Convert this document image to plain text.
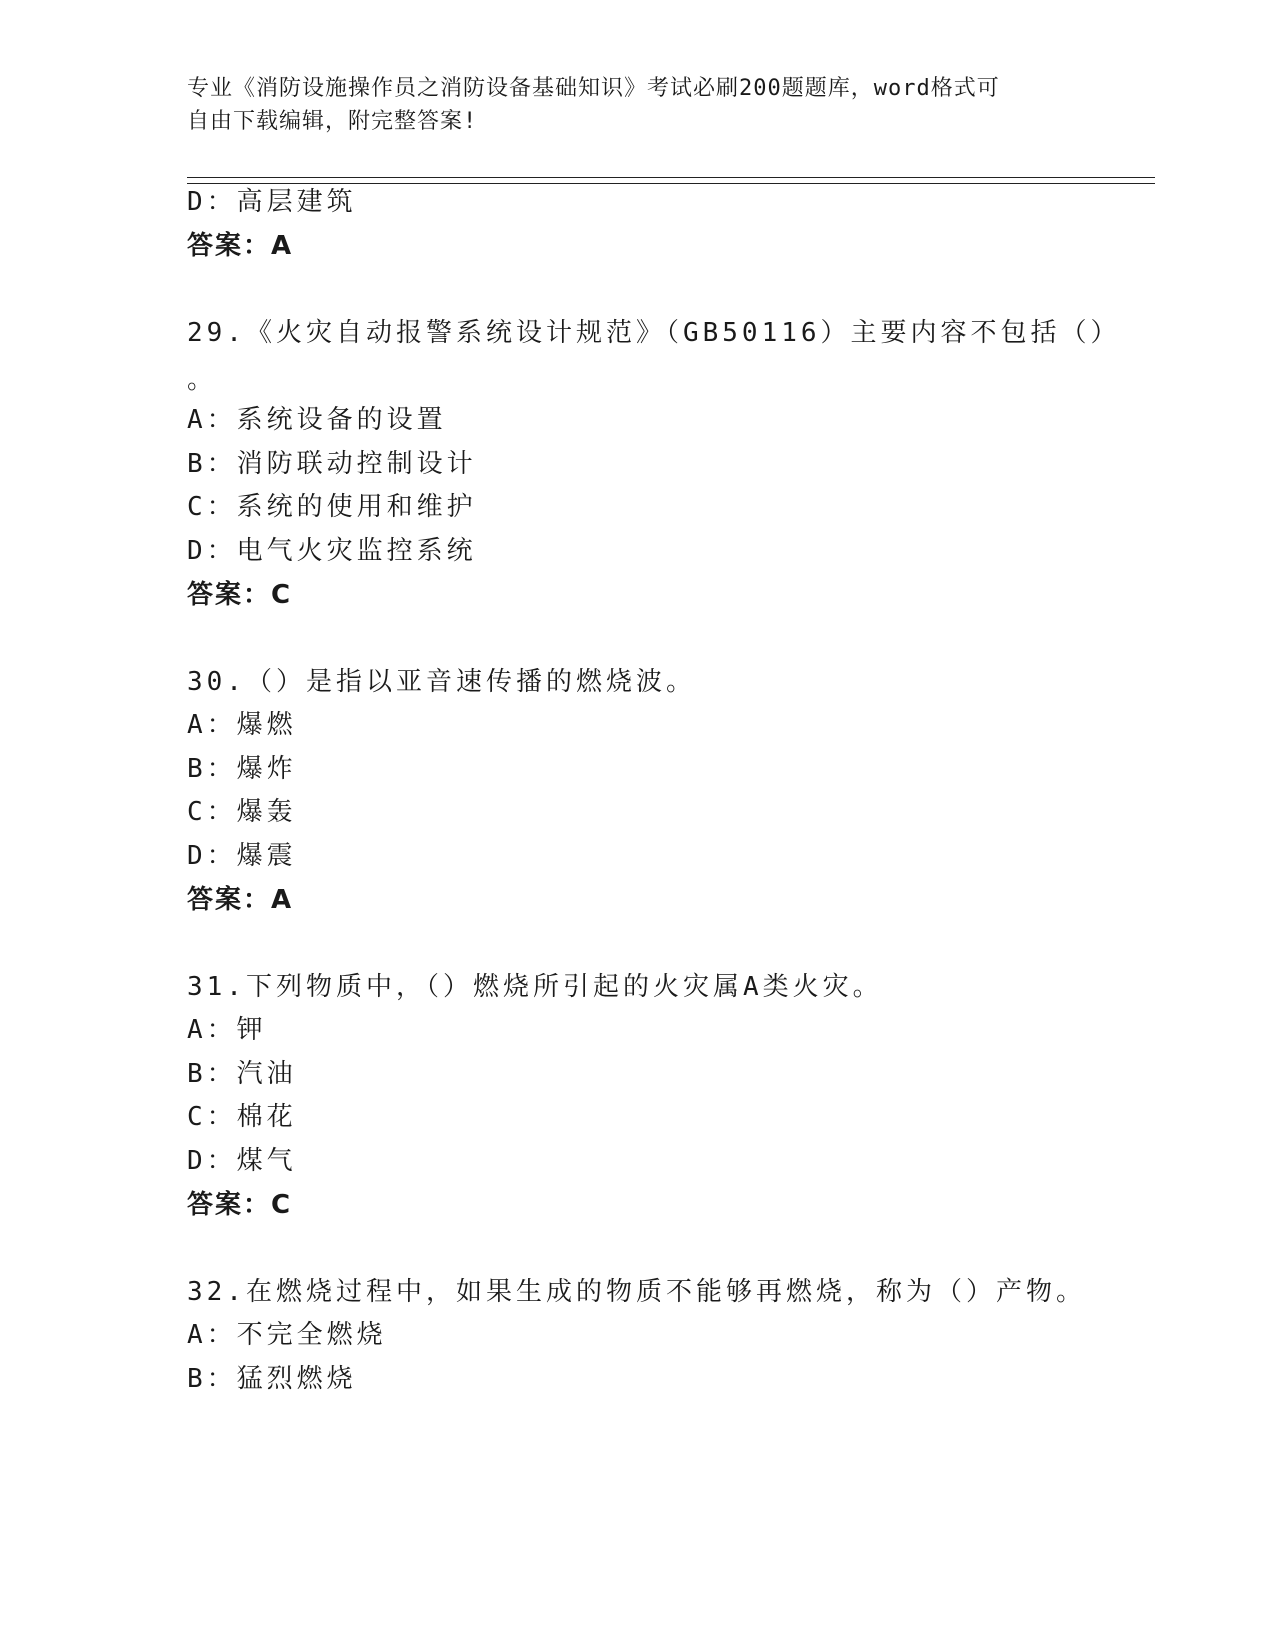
专业《消防设施操作员之消防设备基础知识》考试必刷200题题库，word格式可
自由下载编辑，附完整答案!
D：高层建筑
答案：A
29.《火灾自动报警系统设计规范》（GB50116）主要内容不包括（）
。
A：系统设备的设置
B：消防联动控制设计
C：系统的使用和维护
D：电气火灾监控系统
答案：C
30.（）是指以亚音速传播的燃烧波。
A：爆燃
B：爆炸
C：爆轰
D：爆震
答案：A
31.下列物质中，（）燃烧所引起的火灾属A类火灾。
A：钾
B：汽油
C：棉花
D：煤气
答案：C
32.在燃烧过程中，如果生成的物质不能够再燃烧，称为（）产物。
A：不完全燃烧
B：猛烈燃烧
